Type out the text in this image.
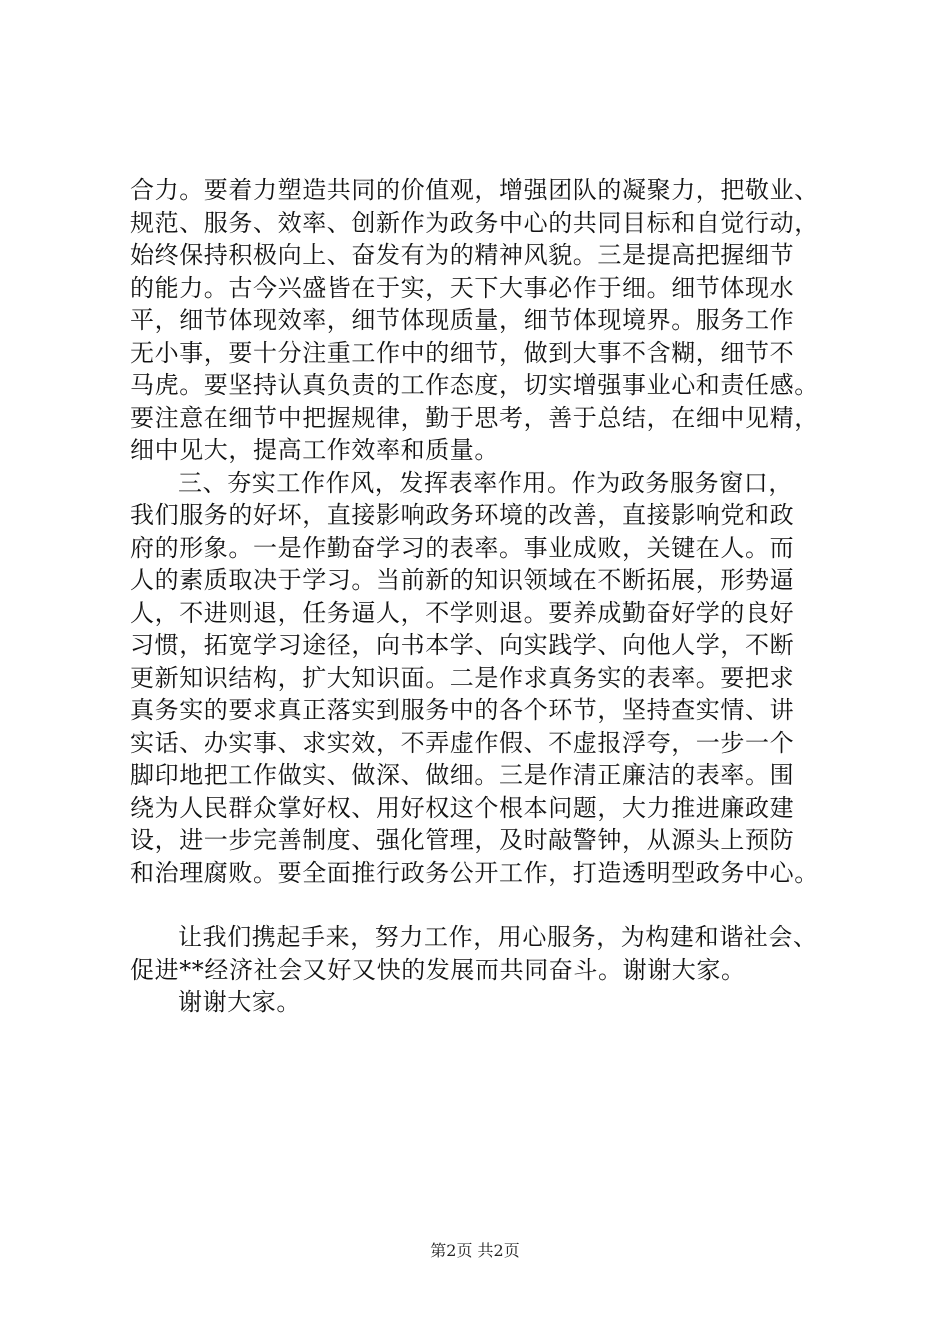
合力。要着力塑造共同的价值观，增强团队的凝聚力，把敬业、
规范、服务、效率、创新作为政务中心的共同目标和自觉行动，
始终保持积极向上、奋发有为的精神风貌。三是提高把握细节
的能力。古今兴盛皆在于实，天下大事必作于细。细节体现水
平，细节体现效率，细节体现质量，细节体现境界。服务工作
无小事，要十分注重工作中的细节，做到大事不含糊，细节不
马虎。要坚持认真负责的工作态度，切实增强事业心和责任感。
要注意在细节中把握规律，勤于思考，善于总结，在细中见精，
细中见大，提高工作效率和质量。
三、夯实工作作风，发挥表率作用。作为政务服务窗口，
我们服务的好坏，直接影响政务环境的改善，直接影响党和政
府的形象。一是作勤奋学习的表率。事业成败，关键在人。而
人的素质取决于学习。当前新的知识领域在不断拓展，形势逼
人，不进则退，任务逼人，不学则退。要养成勤奋好学的良好
习惯，拓宽学习途径，向书本学、向实践学、向他人学，不断
更新知识结构，扩大知识面。二是作求真务实的表率。要把求
真务实的要求真正落实到服务中的各个环节，坚持查实情、讲
实话、办实事、求实效，不弄虚作假、不虚报浮夸，一步一个
脚印地把工作做实、做深、做细。三是作清正廉洁的表率。围
绕为人民群众掌好权、用好权这个根本问题，大力推进廉政建
设，进一步完善制度、强化管理，及时敲警钟，从源头上预防
和治理腐败。要全面推行政务公开工作，打造透明型政务中心。
让我们携起手来，努力工作，用心服务，为构建和谐社会、
促进**经济社会又好又快的发展而共同奋斗。谢谢大家。
谢谢大家。
第2页 共2页
